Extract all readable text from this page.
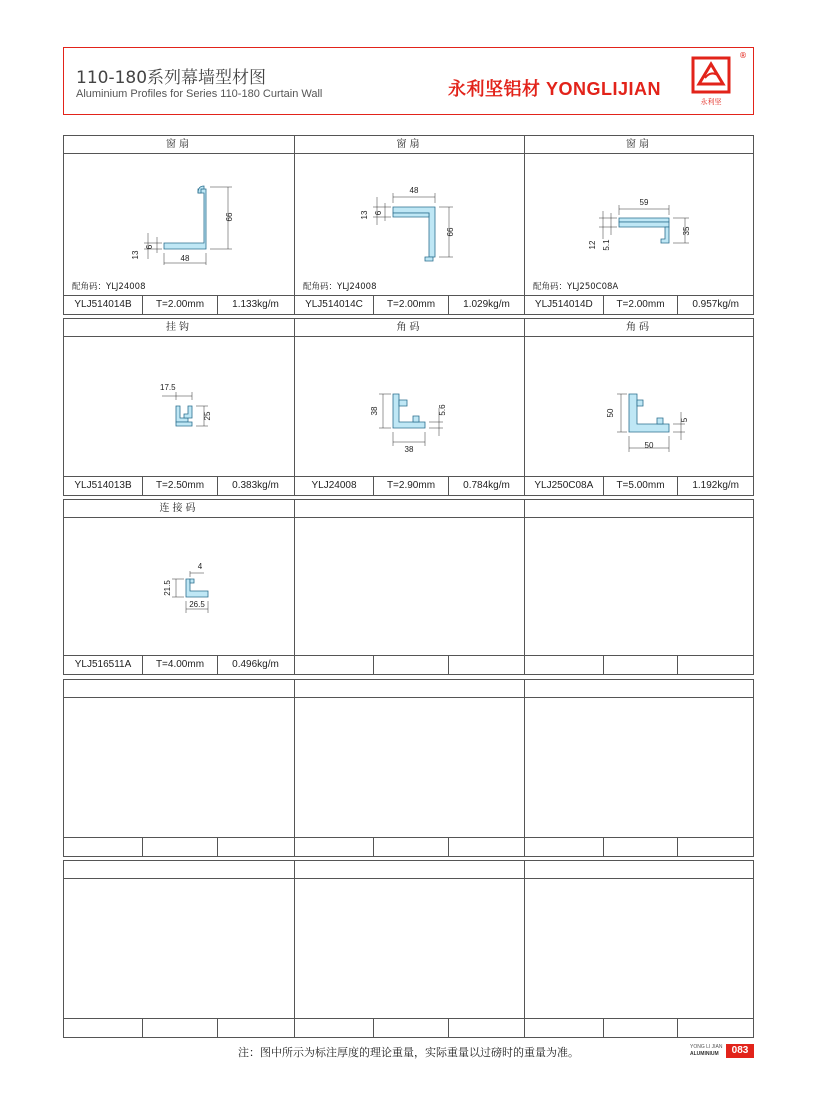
110-180系列幕墙型材图
Aluminium Profiles for Series 110-180 Curtain Wall	永利坚铝材 YONGLIJIAN
永利坚
®
窗扇
66
48
13
6
配角码：YLJ24008
YLJ514014B	T=2.00mm	1.133kg/m
窗扇
48
13 6
66
配角码：YLJ24008
YLJ514014C	T=2.00mm	1.029kg/m
窗扇
59
12 5.1
35
配角码：YLJ250C08A
YLJ514014D	T=2.00mm	0.957kg/m
挂钩
17.5
25
YLJ514013B	T=2.50mm	0.383kg/m
角码
38	5.6
38
YLJ24008	T=2.90mm	0.784kg/m
角码
50
5
50
YLJ250C08A	T=5.00mm	1.192kg/m
连接码
4
21.5
26.5
YLJ516511A	T=4.00mm	0.496kg/m
注：图中所示为标注厚度的理论重量，实际重量以过磅时的重量为准。	YONG LI JIAN
ALUMINIUM	083
